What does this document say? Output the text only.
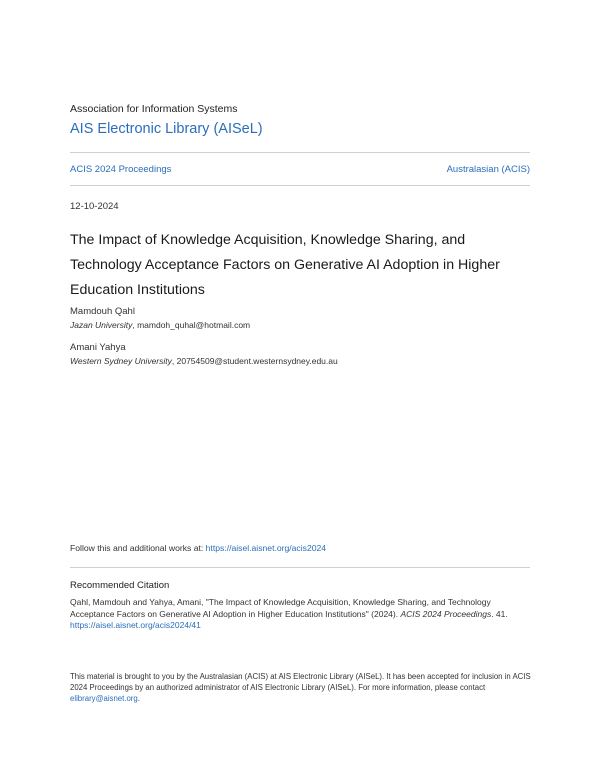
Association for Information Systems
AIS Electronic Library (AISeL)
ACIS 2024 Proceedings	Australasian (ACIS)
12-10-2024
The Impact of Knowledge Acquisition, Knowledge Sharing, and Technology Acceptance Factors on Generative AI Adoption in Higher Education Institutions
Mamdouh Qahl
Jazan University, mamdoh_quhal@hotmail.com
Amani Yahya
Western Sydney University, 20754509@student.westernsydney.edu.au
Follow this and additional works at: https://aisel.aisnet.org/acis2024
Recommended Citation
Qahl, Mamdouh and Yahya, Amani, "The Impact of Knowledge Acquisition, Knowledge Sharing, and Technology Acceptance Factors on Generative AI Adoption in Higher Education Institutions" (2024). ACIS 2024 Proceedings. 41.
https://aisel.aisnet.org/acis2024/41
This material is brought to you by the Australasian (ACIS) at AIS Electronic Library (AISeL). It has been accepted for inclusion in ACIS 2024 Proceedings by an authorized administrator of AIS Electronic Library (AISeL). For more information, please contact elibrary@aisnet.org.
